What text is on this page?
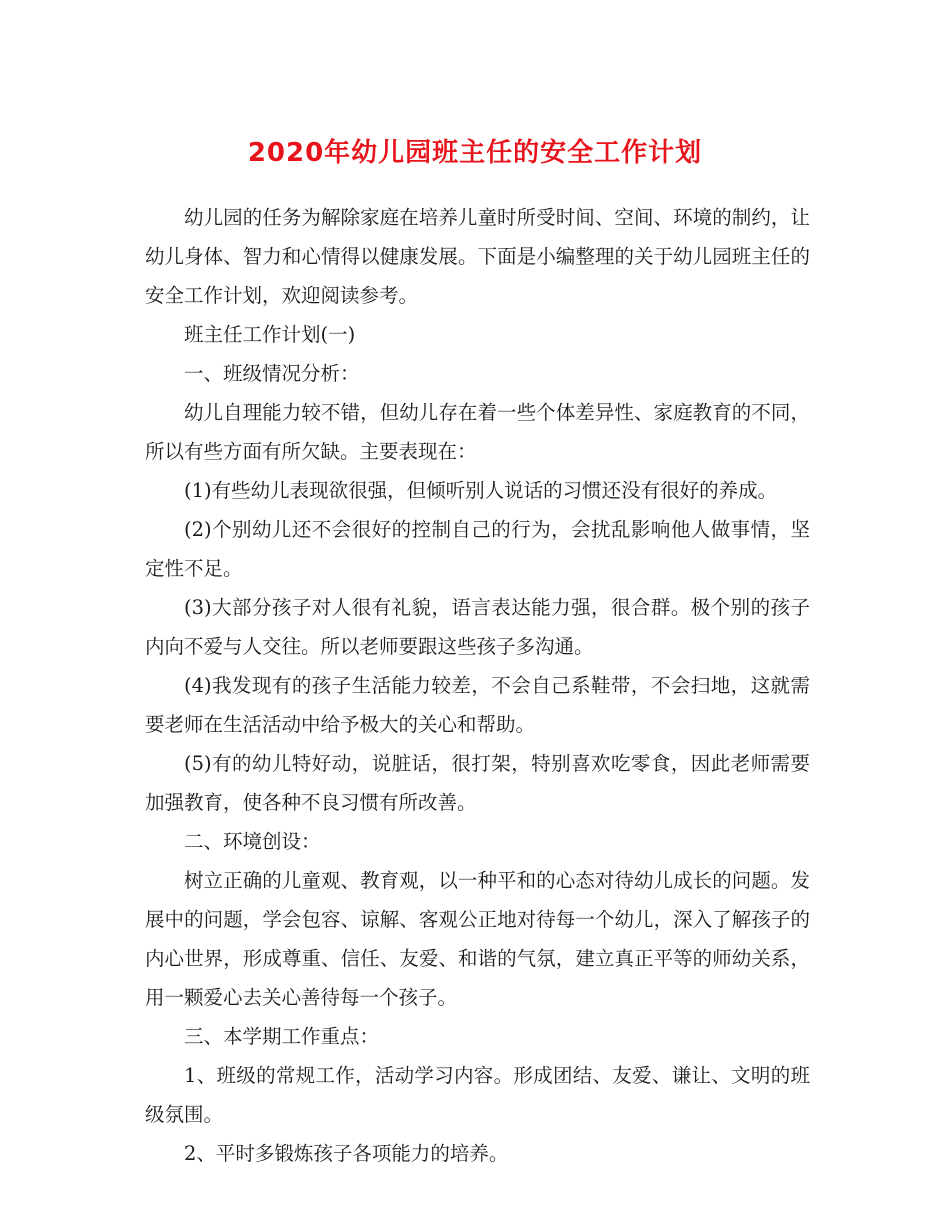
2020年幼儿园班主任的安全工作计划

幼儿园的任务为解除家庭在培养儿童时所受时间、空间、环境的制约，让幼儿身体、智力和心情得以健康发展。下面是小编整理的关于幼儿园班主任的安全工作计划，欢迎阅读参考。

班主任工作计划(一)

一、班级情况分析：

幼儿自理能力较不错，但幼儿存在着一些个体差异性、家庭教育的不同，所以有些方面有所欠缺。主要表现在：

(1)有些幼儿表现欲很强，但倾听别人说话的习惯还没有很好的养成。

(2)个别幼儿还不会很好的控制自己的行为，会扰乱影响他人做事情，坚定性不足。

(3)大部分孩子对人很有礼貌，语言表达能力强，很合群。极个别的孩子内向不爱与人交往。所以老师要跟这些孩子多沟通。

(4)我发现有的孩子生活能力较差，不会自己系鞋带，不会扫地，这就需要老师在生活活动中给予极大的关心和帮助。

(5)有的幼儿特好动，说脏话，很打架，特别喜欢吃零食，因此老师需要加强教育，使各种不良习惯有所改善。

二、环境创设：

树立正确的儿童观、教育观，以一种平和的心态对待幼儿成长的问题。发展中的问题，学会包容、谅解、客观公正地对待每一个幼儿，深入了解孩子的内心世界，形成尊重、信任、友爱、和谐的气氛，建立真正平等的师幼关系，用一颗爱心去关心善待每一个孩子。

三、本学期工作重点：

1、班级的常规工作，活动学习内容。形成团结、友爱、谦让、文明的班级氛围。

2、平时多锻炼孩子各项能力的培养。
